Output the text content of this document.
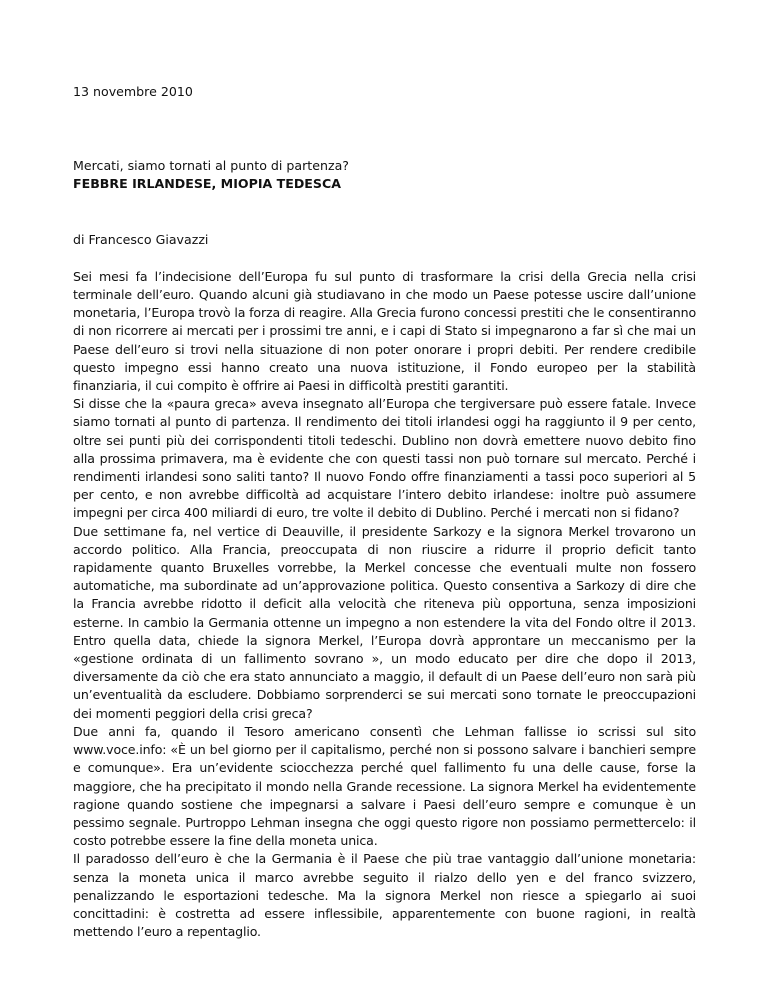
13 novembre 2010

Mercati, siamo tornati al punto di partenza?

FEBBRE IRLANDESE, MIOPIA TEDESCA

di Francesco Giavazzi

Sei mesi fa l’indecisione dell’Europa fu sul punto di trasformare la crisi della Grecia nella crisi terminale dell’euro. Quando alcuni già studiavano in che modo un Paese potesse uscire dall’unione monetaria, l’Europa trovò la forza di reagire. Alla Grecia furono concessi prestiti che le consentiranno di non ricorrere ai mercati per i prossimi tre anni, e i capi di Stato si impegnarono a far sì che mai un Paese dell’euro si trovi nella situazione di non poter onorare i propri debiti. Per rendere credibile questo impegno essi hanno creato una nuova istituzione, il Fondo europeo per la stabilità finanziaria, il cui compito è offrire ai Paesi in difficoltà prestiti garantiti.

Si disse che la «paura greca» aveva insegnato all’Europa che tergiversare può essere fatale. Invece siamo tornati al punto di partenza. Il rendimento dei titoli irlandesi oggi ha raggiunto il 9 per cento, oltre sei punti più dei corrispondenti titoli tedeschi. Dublino non dovrà emettere nuovo debito fino alla prossima primavera, ma è evidente che con questi tassi non può tornare sul mercato. Perché i rendimenti irlandesi sono saliti tanto? Il nuovo Fondo offre finanziamenti a tassi poco superiori al 5 per cento, e non avrebbe difficoltà ad acquistare l’intero debito irlandese: inoltre può assumere impegni per circa 400 miliardi di euro, tre volte il debito di Dublino. Perché i mercati non si fidano?

Due settimane fa, nel vertice di Deauville, il presidente Sarkozy e la signora Merkel trovarono un accordo politico. Alla Francia, preoccupata di non riuscire a ridurre il proprio deficit tanto rapidamente quanto Bruxelles vorrebbe, la Merkel concesse che eventuali multe non fossero automatiche, ma subordinate ad un’approvazione politica. Questo consentiva a Sarkozy di dire che la Francia avrebbe ridotto il deficit alla velocità che riteneva più opportuna, senza imposizioni esterne. In cambio la Germania ottenne un impegno a non estendere la vita del Fondo oltre il 2013. Entro quella data, chiede la signora Merkel, l’Europa dovrà approntare un meccanismo per la «gestione ordinata di un fallimento sovrano », un modo educato per dire che dopo il 2013, diversamente da ciò che era stato annunciato a maggio, il default di un Paese dell’euro non sarà più un’eventualità da escludere. Dobbiamo sorprenderci se sui mercati sono tornate le preoccupazioni dei momenti peggiori della crisi greca?

Due anni fa, quando il Tesoro americano consentì che Lehman fallisse io scrissi sul sito www.voce.info: «È un bel giorno per il capitalismo, perché non si possono salvare i banchieri sempre e comunque». Era un’evidente sciocchezza perché quel fallimento fu una delle cause, forse la maggiore, che ha precipitato il mondo nella Grande recessione. La signora Merkel ha evidentemente ragione quando sostiene che impegnarsi a salvare i Paesi dell’euro sempre e comunque è un pessimo segnale. Purtroppo Lehman insegna che oggi questo rigore non possiamo permettercelo: il costo potrebbe essere la fine della moneta unica.

Il paradosso dell’euro è che la Germania è il Paese che più trae vantaggio dall’unione monetaria: senza la moneta unica il marco avrebbe seguito il rialzo dello yen e del franco svizzero, penalizzando le esportazioni tedesche. Ma la signora Merkel non riesce a spiegarlo ai suoi concittadini: è costretta ad essere inflessibile, apparentemente con buone ragioni, in realtà mettendo l’euro a repentaglio.
